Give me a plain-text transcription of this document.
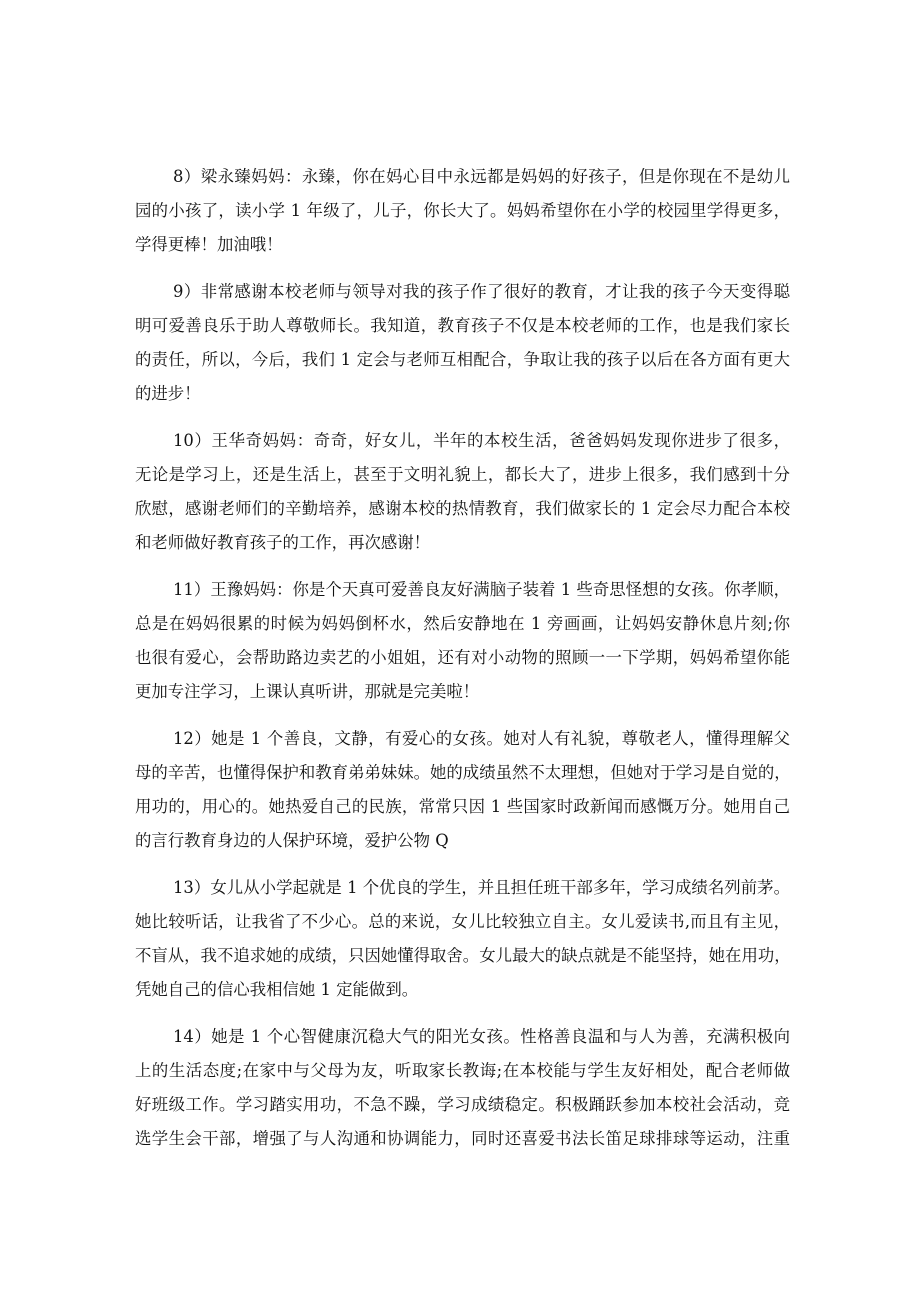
8）梁永臻妈妈：永臻，你在妈心目中永远都是妈妈的好孩子，但是你现在不是幼儿
园的小孩了，读小学 1 年级了，儿子，你长大了。妈妈希望你在小学的校园里学得更多，
学得更棒！加油哦！
9）非常感谢本校老师与领导对我的孩子作了很好的教育，才让我的孩子今天变得聪
明可爱善良乐于助人尊敬师长。我知道，教育孩子不仅是本校老师的工作，也是我们家长
的责任，所以，今后，我们 1 定会与老师互相配合，争取让我的孩子以后在各方面有更大
的进步！
10）王华奇妈妈：奇奇，好女儿，半年的本校生活，爸爸妈妈发现你进步了很多，
无论是学习上，还是生活上，甚至于文明礼貌上，都长大了，进步上很多，我们感到十分
欣慰，感谢老师们的辛勤培养，感谢本校的热情教育，我们做家长的 1 定会尽力配合本校
和老师做好教育孩子的工作，再次感谢！
11）王豫妈妈：你是个天真可爱善良友好满脑子装着 1 些奇思怪想的女孩。你孝顺，
总是在妈妈很累的时候为妈妈倒杯水，然后安静地在 1 旁画画，让妈妈安静休息片刻;你
也很有爱心，会帮助路边卖艺的小姐姐，还有对小动物的照顾一一下学期，妈妈希望你能
更加专注学习，上课认真听讲，那就是完美啦！
12）她是 1 个善良，文静，有爱心的女孩。她对人有礼貌，尊敬老人，懂得理解父
母的辛苦，也懂得保护和教育弟弟妹妹。她的成绩虽然不太理想，但她对于学习是自觉的，
用功的，用心的。她热爱自己的民族，常常只因 1 些国家时政新闻而感慨万分。她用自己
的言行教育身边的人保护环境，爱护公物 Q
13）女儿从小学起就是 1 个优良的学生，并且担任班干部多年，学习成绩名列前茅。
她比较听话，让我省了不少心。总的来说，女儿比较独立自主。女儿爱读书,而且有主见，
不盲从，我不追求她的成绩，只因她懂得取舍。女儿最大的缺点就是不能坚持，她在用功，
凭她自己的信心我相信她 1 定能做到。
14）她是 1 个心智健康沉稳大气的阳光女孩。性格善良温和与人为善，充满积极向
上的生活态度;在家中与父母为友，听取家长教诲;在本校能与学生友好相处，配合老师做
好班级工作。学习踏实用功，不急不躁，学习成绩稳定。积极踊跃参加本校社会活动，竞
选学生会干部，增强了与人沟通和协调能力，同时还喜爱书法长笛足球排球等运动，注重
